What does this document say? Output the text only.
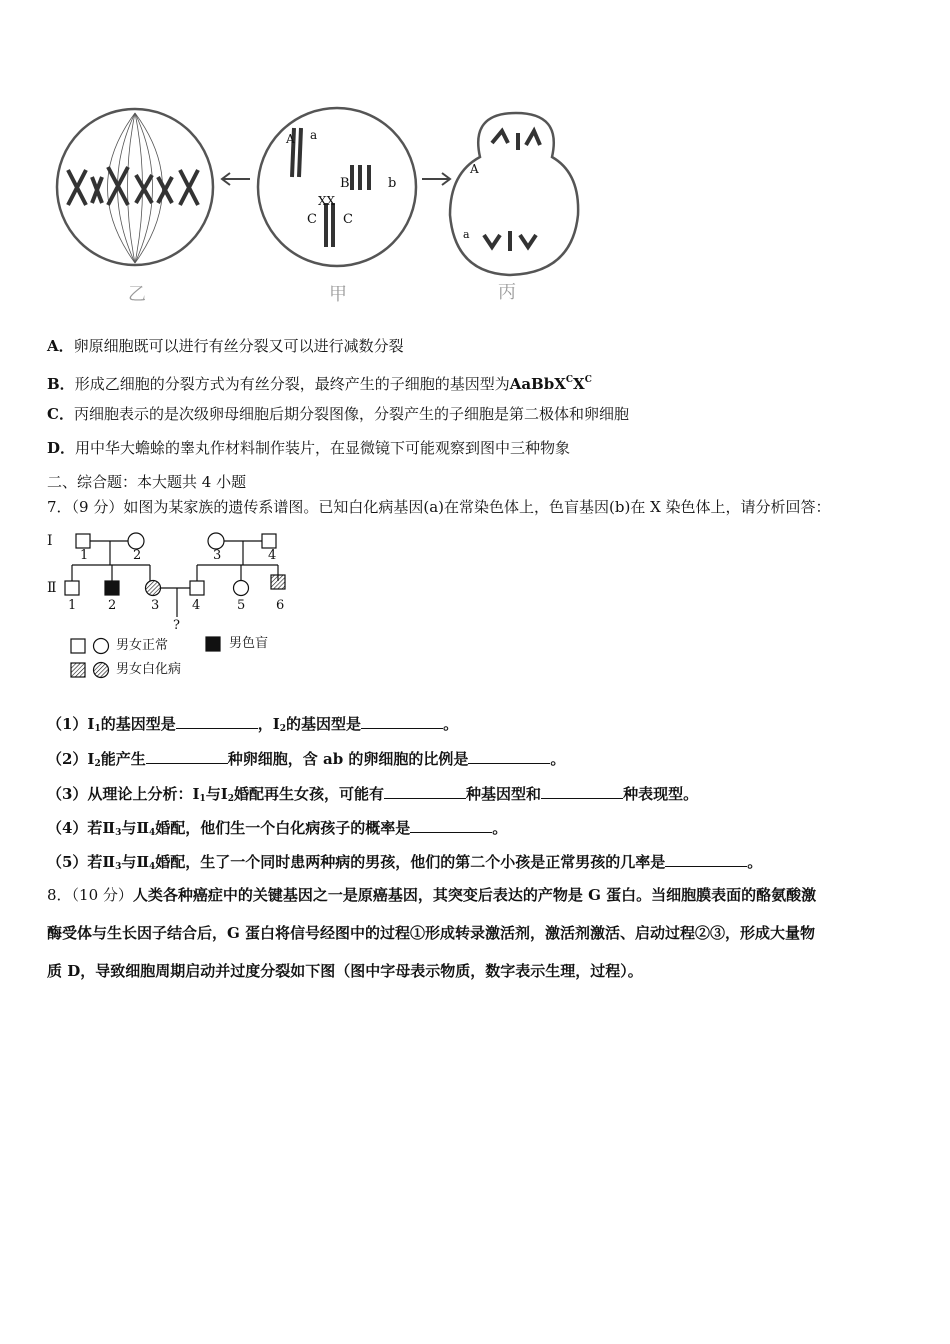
A a
B	b
XX
C C
A
a
乙	甲	丙
A．卵原细胞既可以进行有丝分裂又可以进行减数分裂
B．形成乙细胞的分裂方式为有丝分裂，最终产生的子细胞的基因型为$AaBbX^CX^C$
C．丙细胞表示的是次级卵母细胞后期分裂图像，分裂产生的子细胞是第二极体和卵细胞
D．用中华大蟾蜍的睾丸作材料制作装片，在显微镜下可能观察到图中三种物象
二、综合题：本大题共 4 小题
7．（9 分）如图为某家族的遗传系谱图。已知白化病基因(a)在常染色体上，色盲基因(b)在 X 染色体上，请分析回答：
Ⅰ
Ⅱ
1	2	3	4
1 2	3	4	5 6
?
男女正常	男色盲
男女白化病
$(1)Ⅰ_1$的基因型是	，$Ⅰ_2$的基因型是	。
$(2)Ⅰ_2$能产生	种卵细胞，含 ab 的卵细胞的比例是	。
（3）从理论上分析：$Ⅰ_1$与$Ⅰ_2$婚配再生女孩，可能有	种基因型和	种表现型。
（4）若$Ⅱ_3$与$Ⅱ_4$婚配，他们生一个白化病孩子的概率是	。
（5）若$Ⅱ_3$与$Ⅱ_4$婚配，生了一个同时患两种病的男孩，他们的第二个小孩是正常男孩的几率是	。
8．（10 分）人类各种癌症中的关键基因之一是原癌基因，其突变后表达的产物是 G 蛋白。当细胞膜表面的酪氨酸激
酶受体与生长因子结合后，G 蛋白将信号经图中的过程①形成转录激活剂，激活剂激活、启动过程②③，形成大量物
质 D，导致细胞周期启动并过度分裂如下图（图中字母表示物质，数字表示生理，过程）。
